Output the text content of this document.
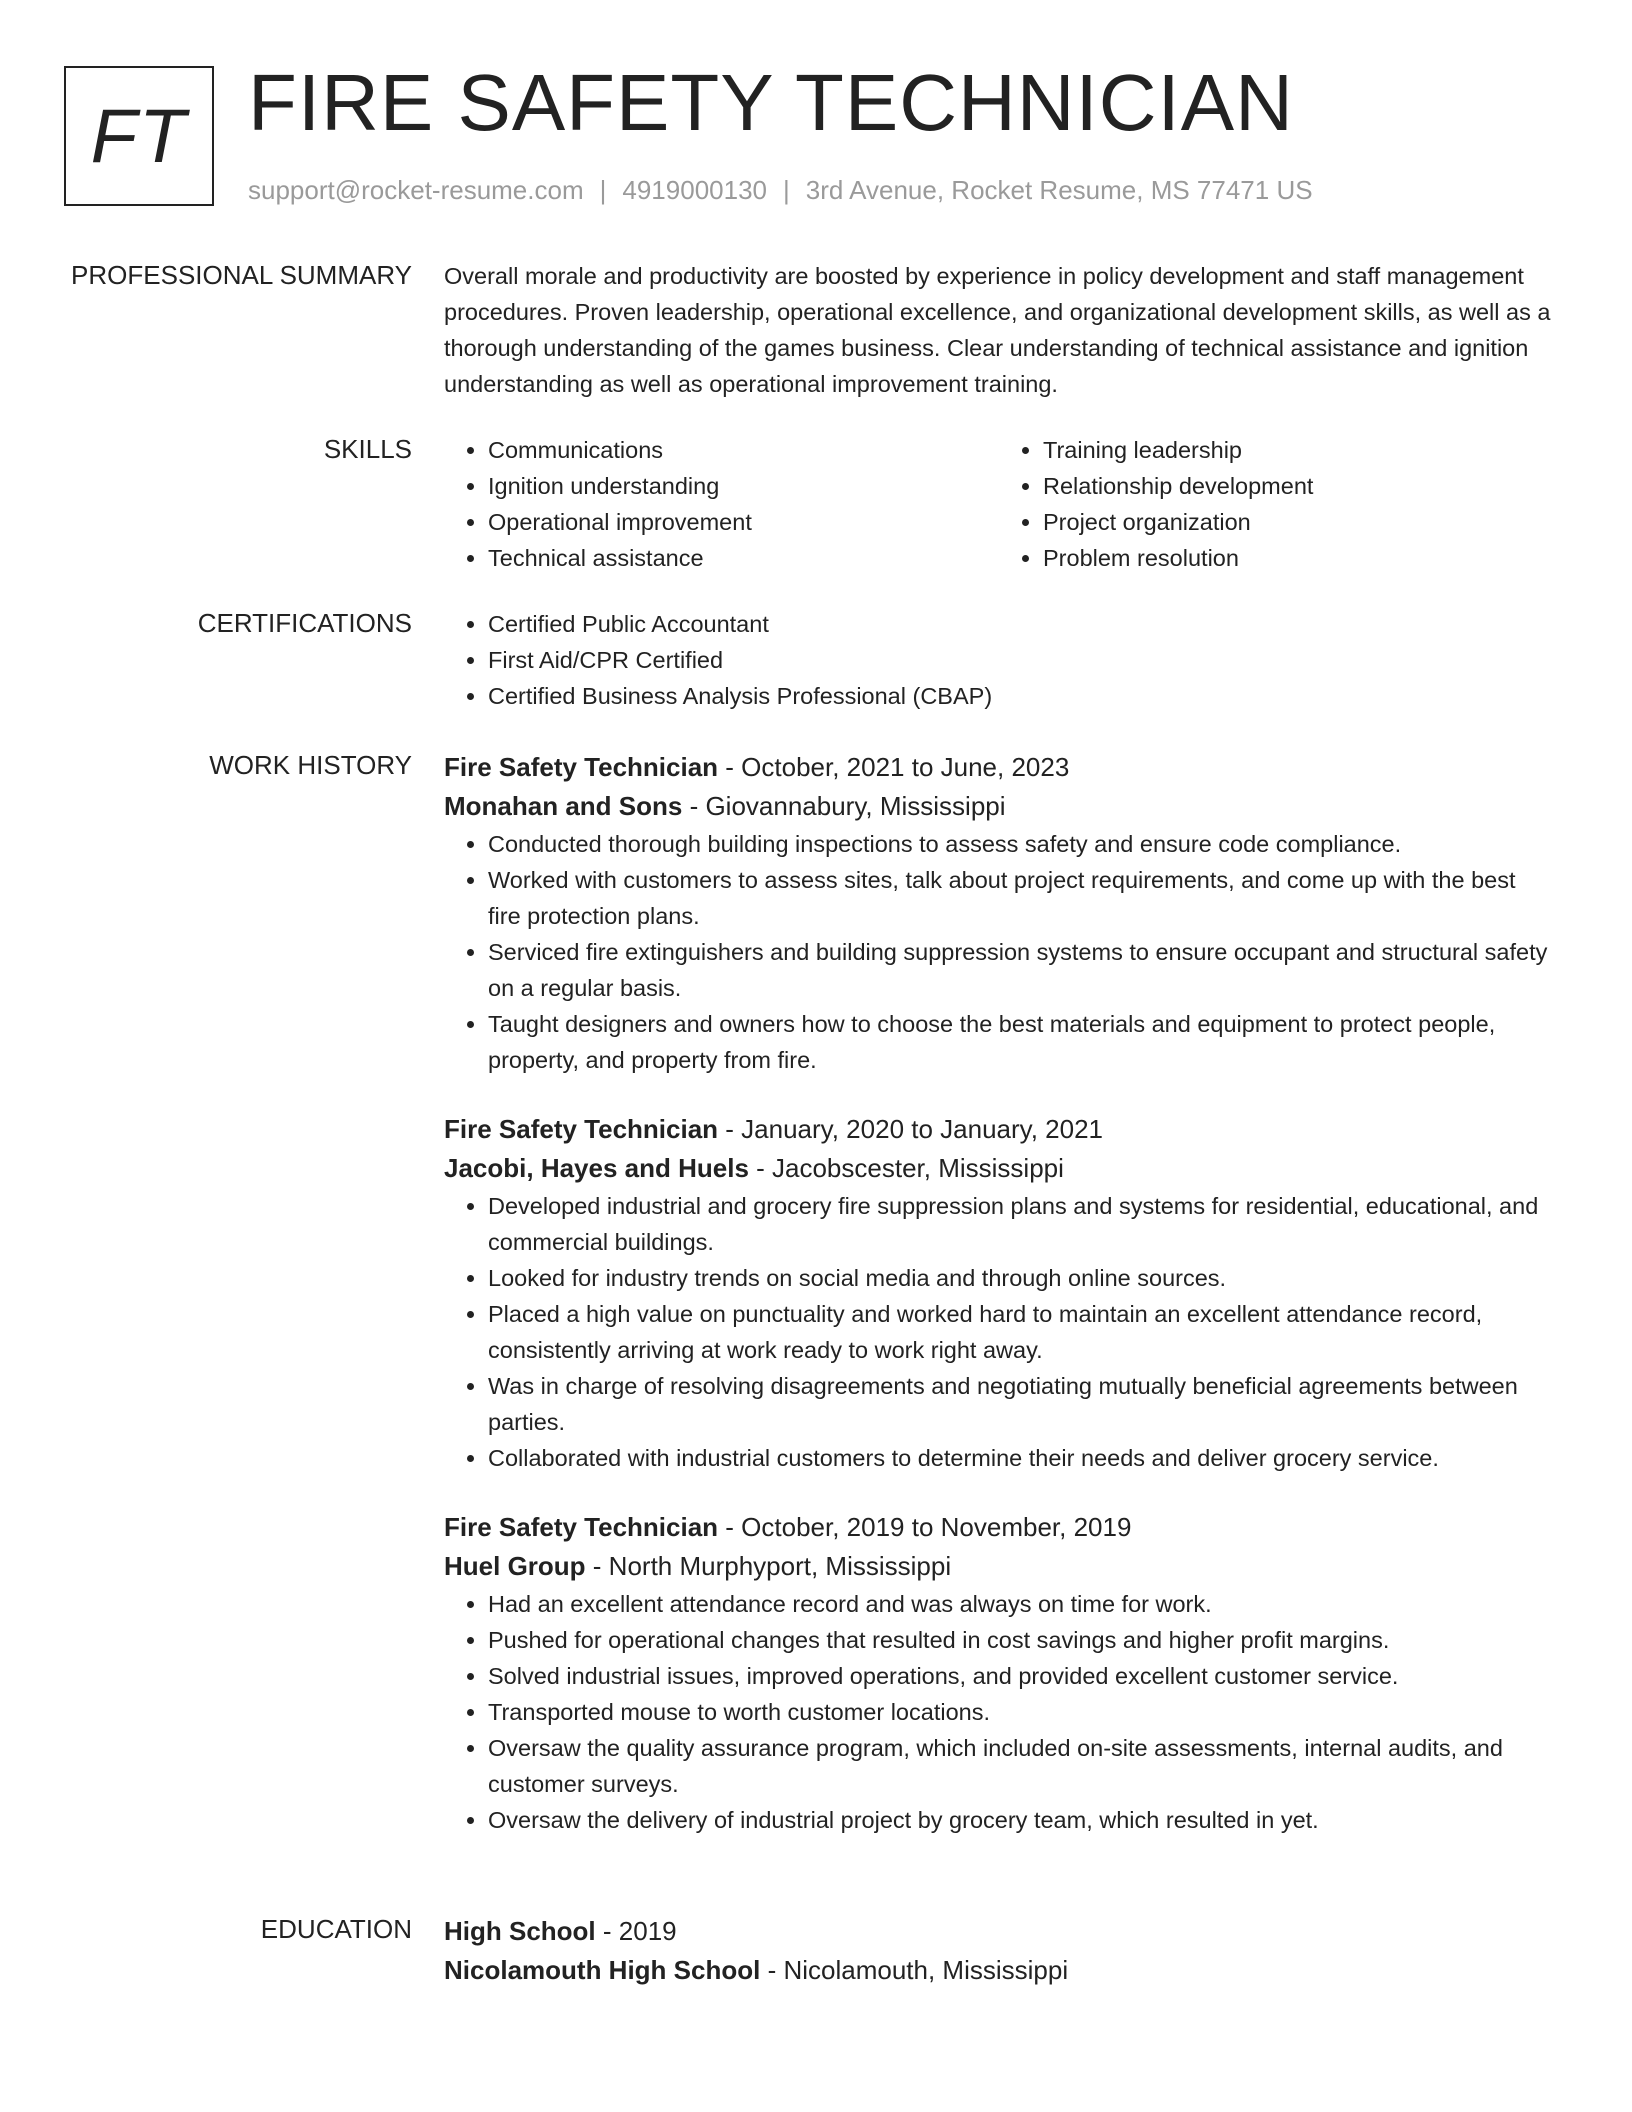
FT FIRE SAFETY TECHNICIAN
support@rocket-resume.com | 4919000130 | 3rd Avenue, Rocket Resume, MS 77471 US
PROFESSIONAL SUMMARY Overall morale and productivity are boosted by experience in policy development and staff management procedures. Proven leadership, operational excellence, and organizational development skills, as well as a thorough understanding of the games business. Clear understanding of technical assistance and ignition understanding as well as operational improvement training.

SKILLS	• Communications
• Ignition understanding
• Operational improvement
• Technical assistance
• Training leadership
• Relationship development
• Project organization
• Problem resolution
CERTIFICATIONS	• Certified Public Accountant
• First Aid/CPR Certified
• Certified Business Analysis Professional (CBAP)
WORK HISTORY Fire Safety Technician - October, 2021 to June, 2023
Monahan and Sons - Giovannabury, Mississippi
• Conducted thorough building inspections to assess safety and ensure code compliance.
• Worked with customers to assess sites, talk about project requirements, and come up with the best fire protection plans.
• Serviced fire extinguishers and building suppression systems to ensure occupant and structural safety on a regular basis.
• Taught designers and owners how to choose the best materials and equipment to protect people, property, and property from fire.
Fire Safety Technician - January, 2020 to January, 2021
Jacobi, Hayes and Huels - Jacobscester, Mississippi
• Developed industrial and grocery fire suppression plans and systems for residential, educational, and commercial buildings.
• Looked for industry trends on social media and through online sources.
• Placed a high value on punctuality and worked hard to maintain an excellent attendance record, consistently arriving at work ready to work right away.
• Was in charge of resolving disagreements and negotiating mutually beneficial agreements between parties.
• Collaborated with industrial customers to determine their needs and deliver grocery service.
Fire Safety Technician - October, 2019 to November, 2019
Huel Group - North Murphyport, Mississippi
• Had an excellent attendance record and was always on time for work.
• Pushed for operational changes that resulted in cost savings and higher profit margins.
• Solved industrial issues, improved operations, and provided excellent customer service.
• Transported mouse to worth customer locations.
• Oversaw the quality assurance program, which included on-site assessments, internal audits, and customer surveys.
• Oversaw the delivery of industrial project by grocery team, which resulted in yet.
EDUCATION High School - 2019
Nicolamouth High School - Nicolamouth, Mississippi
